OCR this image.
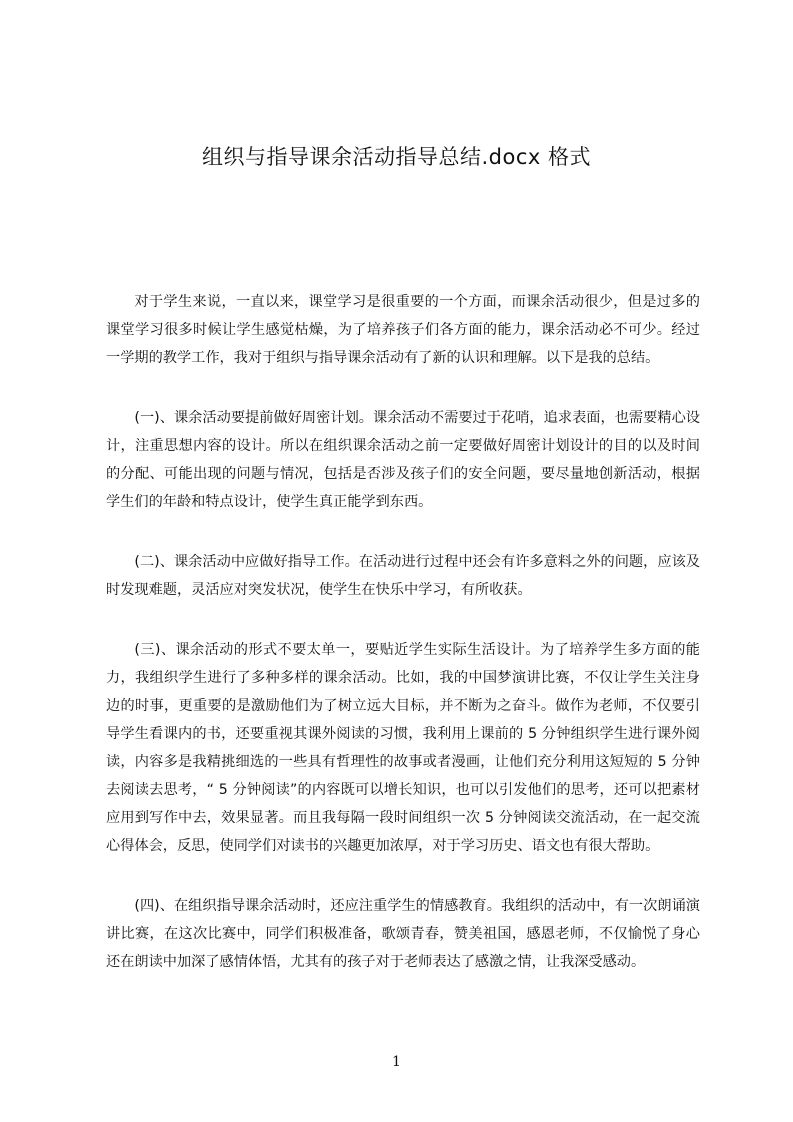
组织与指导课余活动指导总结.docx 格式

对于学生来说，一直以来，课堂学习是很重要的一个方面，而课余活动很少，但是过多的课堂学习很多时候让学生感觉枯燥，为了培养孩子们各方面的能力，课余活动必不可少。经过一学期的教学工作，我对于组织与指导课余活动有了新的认识和理解。以下是我的总结。

(一)、课余活动要提前做好周密计划。课余活动不需要过于花哨，追求表面，也需要精心设计，注重思想内容的设计。所以在组织课余活动之前一定要做好周密计划设计的目的以及时间的分配、可能出现的问题与情况，包括是否涉及孩子们的安全问题，要尽量地创新活动，根据学生们的年龄和特点设计，使学生真正能学到东西。

(二)、课余活动中应做好指导工作。在活动进行过程中还会有许多意料之外的问题，应该及时发现难题，灵活应对突发状况，使学生在快乐中学习，有所收获。

(三)、课余活动的形式不要太单一，要贴近学生实际生活设计。为了培养学生多方面的能力，我组织学生进行了多种多样的课余活动。比如，我的中国梦演讲比赛，不仅让学生关注身边的时事，更重要的是激励他们为了树立远大目标，并不断为之奋斗。做作为老师，不仅要引导学生看课内的书，还要重视其课外阅读的习惯，我利用上课前的 5 分钟组织学生进行课外阅读，内容多是我精挑细选的一些具有哲理性的故事或者漫画，让他们充分利用这短短的 5 分钟去阅读去思考，“ 5 分钟阅读”的内容既可以增长知识，也可以引发他们的思考，还可以把素材应用到写作中去，效果显著。而且我每隔一段时间组织一次 5 分钟阅读交流活动，在一起交流心得体会，反思，使同学们对读书的兴趣更加浓厚，对于学习历史、语文也有很大帮助。

(四)、在组织指导课余活动时，还应注重学生的情感教育。我组织的活动中，有一次朗诵演讲比赛，在这次比赛中，同学们积极准备，歌颂青春，赞美祖国，感恩老师，不仅愉悦了身心还在朗读中加深了感情体悟，尤其有的孩子对于老师表达了感激之情，让我深受感动。

1
